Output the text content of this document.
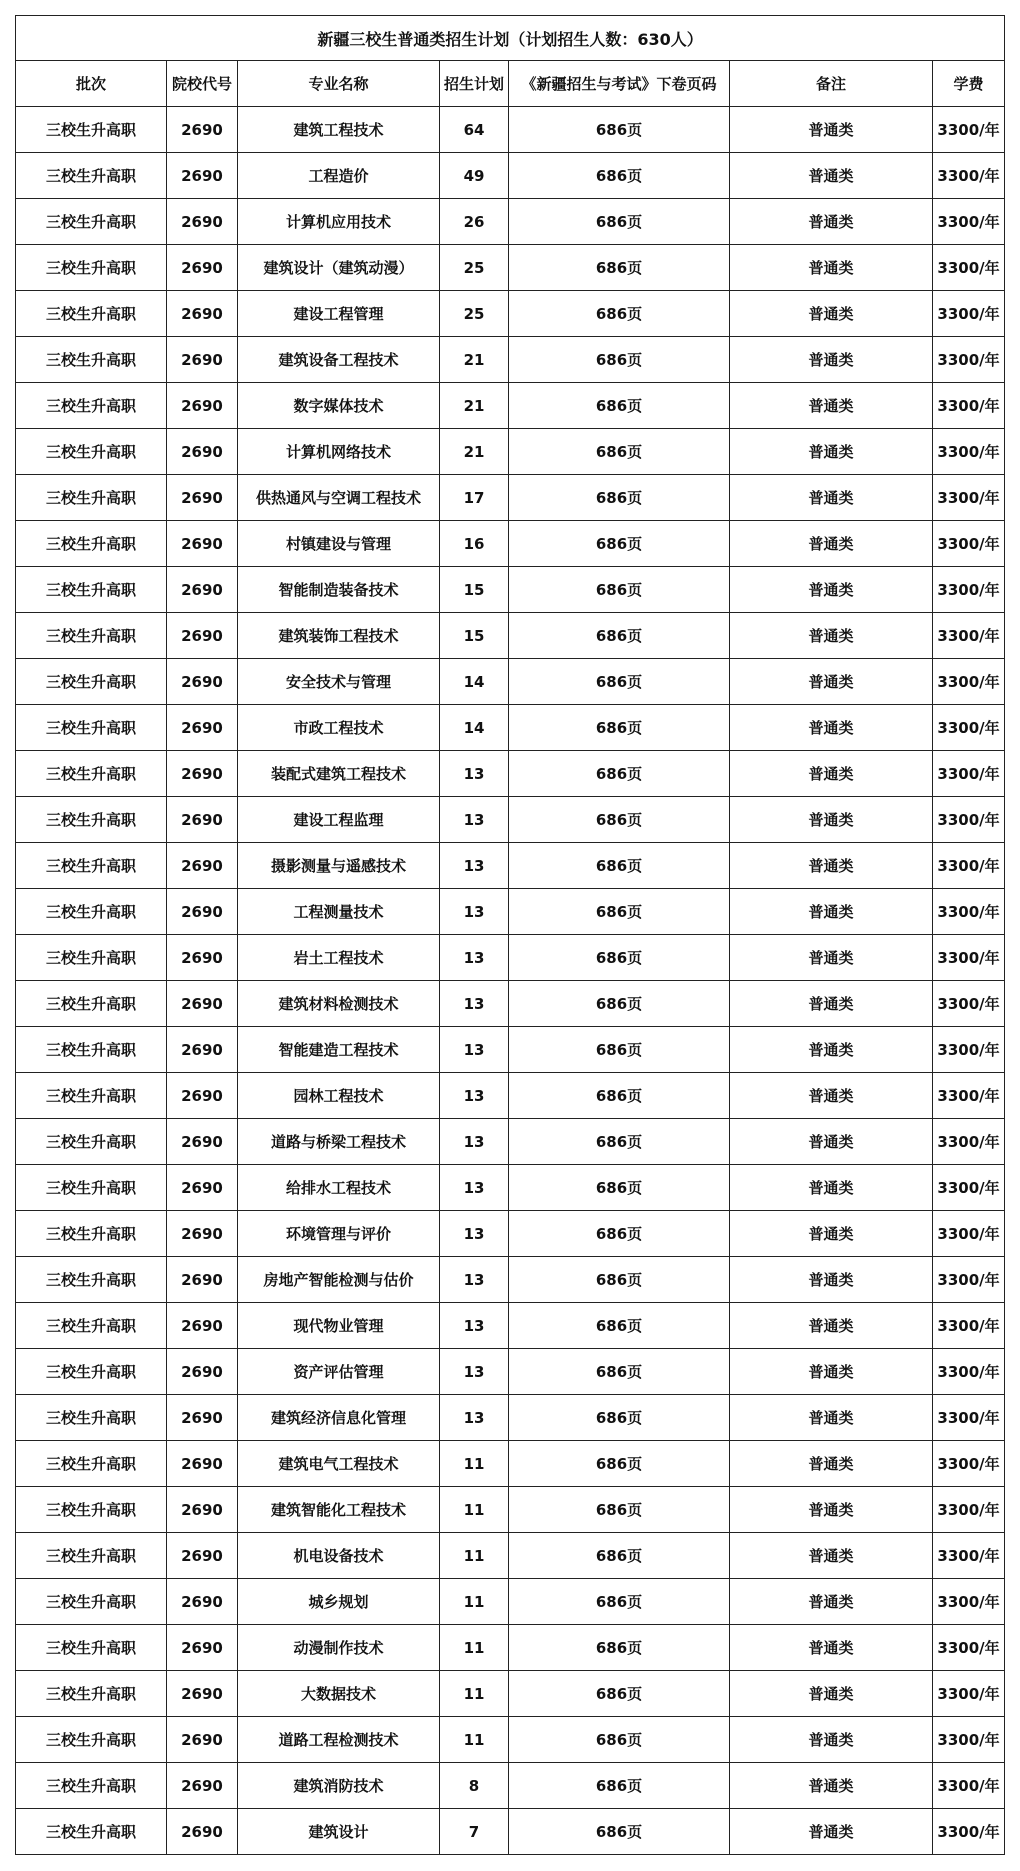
新疆三校生普通类招生计划（计划招生人数：630人）						
批次	院校代号	专业名称	招生计划	《新疆招生与考试》下卷页码	备注	学费
三校生升高职	2690	建筑工程技术	64	686页	普通类	3300/年
三校生升高职	2690	工程造价	49	686页	普通类	3300/年
三校生升高职	2690	计算机应用技术	26	686页	普通类	3300/年
三校生升高职	2690	建筑设计（建筑动漫）	25	686页	普通类	3300/年
三校生升高职	2690	建设工程管理	25	686页	普通类	3300/年
三校生升高职	2690	建筑设备工程技术	21	686页	普通类	3300/年
三校生升高职	2690	数字媒体技术	21	686页	普通类	3300/年
三校生升高职	2690	计算机网络技术	21	686页	普通类	3300/年
三校生升高职	2690	供热通风与空调工程技术	17	686页	普通类	3300/年
三校生升高职	2690	村镇建设与管理	16	686页	普通类	3300/年
三校生升高职	2690	智能制造装备技术	15	686页	普通类	3300/年
三校生升高职	2690	建筑装饰工程技术	15	686页	普通类	3300/年
三校生升高职	2690	安全技术与管理	14	686页	普通类	3300/年
三校生升高职	2690	市政工程技术	14	686页	普通类	3300/年
三校生升高职	2690	装配式建筑工程技术	13	686页	普通类	3300/年
三校生升高职	2690	建设工程监理	13	686页	普通类	3300/年
三校生升高职	2690	摄影测量与遥感技术	13	686页	普通类	3300/年
三校生升高职	2690	工程测量技术	13	686页	普通类	3300/年
三校生升高职	2690	岩土工程技术	13	686页	普通类	3300/年
三校生升高职	2690	建筑材料检测技术	13	686页	普通类	3300/年
三校生升高职	2690	智能建造工程技术	13	686页	普通类	3300/年
三校生升高职	2690	园林工程技术	13	686页	普通类	3300/年
三校生升高职	2690	道路与桥梁工程技术	13	686页	普通类	3300/年
三校生升高职	2690	给排水工程技术	13	686页	普通类	3300/年
三校生升高职	2690	环境管理与评价	13	686页	普通类	3300/年
三校生升高职	2690	房地产智能检测与估价	13	686页	普通类	3300/年
三校生升高职	2690	现代物业管理	13	686页	普通类	3300/年
三校生升高职	2690	资产评估管理	13	686页	普通类	3300/年
三校生升高职	2690	建筑经济信息化管理	13	686页	普通类	3300/年
三校生升高职	2690	建筑电气工程技术	11	686页	普通类	3300/年
三校生升高职	2690	建筑智能化工程技术	11	686页	普通类	3300/年
三校生升高职	2690	机电设备技术	11	686页	普通类	3300/年
三校生升高职	2690	城乡规划	11	686页	普通类	3300/年
三校生升高职	2690	动漫制作技术	11	686页	普通类	3300/年
三校生升高职	2690	大数据技术	11	686页	普通类	3300/年
三校生升高职	2690	道路工程检测技术	11	686页	普通类	3300/年
三校生升高职	2690	建筑消防技术	8	686页	普通类	3300/年
三校生升高职	2690	建筑设计	7	686页	普通类	3300/年
